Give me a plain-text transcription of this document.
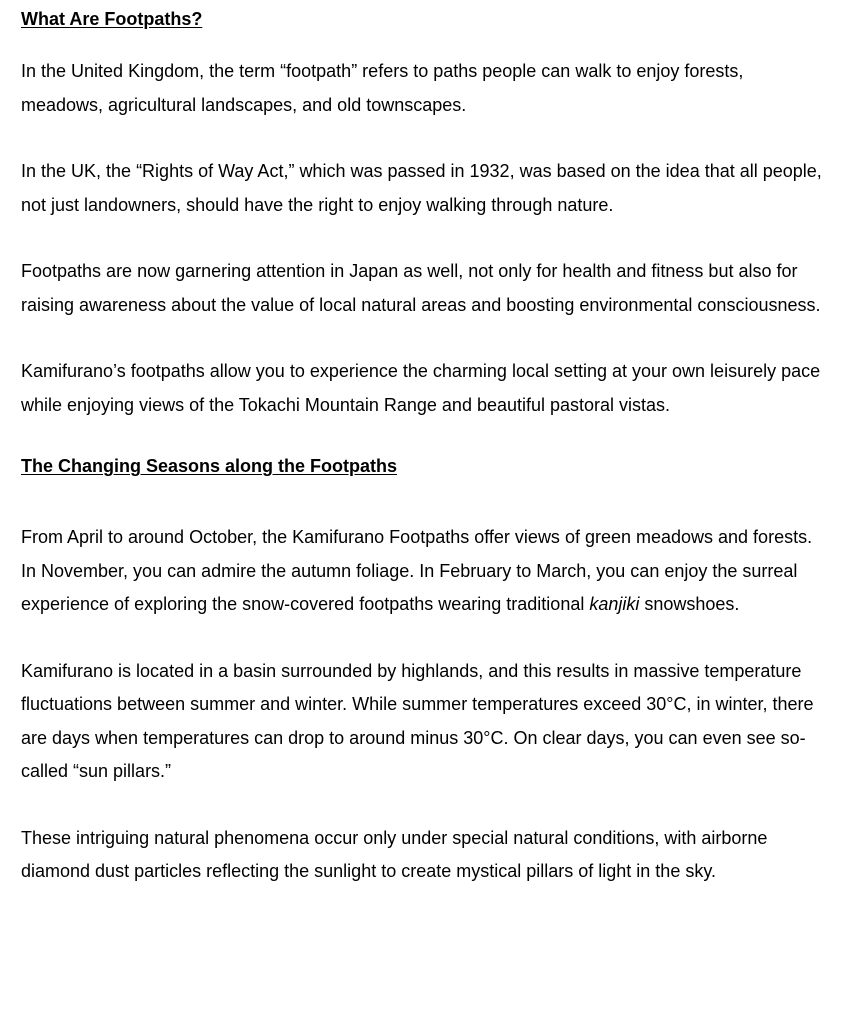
What Are Footpaths?

In the United Kingdom, the term “footpath” refers to paths people can walk to enjoy forests, meadows, agricultural landscapes, and old townscapes.

In the UK, the “Rights of Way Act,” which was passed in 1932, was based on the idea that all people, not just landowners, should have the right to enjoy walking through nature.

Footpaths are now garnering attention in Japan as well, not only for health and fitness but also for raising awareness about the value of local natural areas and boosting environmental consciousness.

Kamifurano’s footpaths allow you to experience the charming local setting at your own leisurely pace while enjoying views of the Tokachi Mountain Range and beautiful pastoral vistas.

The Changing Seasons along the Footpaths

From April to around October, the Kamifurano Footpaths offer views of green meadows and forests. In November, you can admire the autumn foliage. In February to March, you can enjoy the surreal experience of exploring the snow-covered footpaths wearing traditional kanjiki snowshoes.

Kamifurano is located in a basin surrounded by highlands, and this results in massive temperature fluctuations between summer and winter. While summer temperatures exceed 30°C, in winter, there are days when temperatures can drop to around minus 30°C. On clear days, you can even see so-called “sun pillars.”

These intriguing natural phenomena occur only under special natural conditions, with airborne diamond dust particles reflecting the sunlight to create mystical pillars of light in the sky.
